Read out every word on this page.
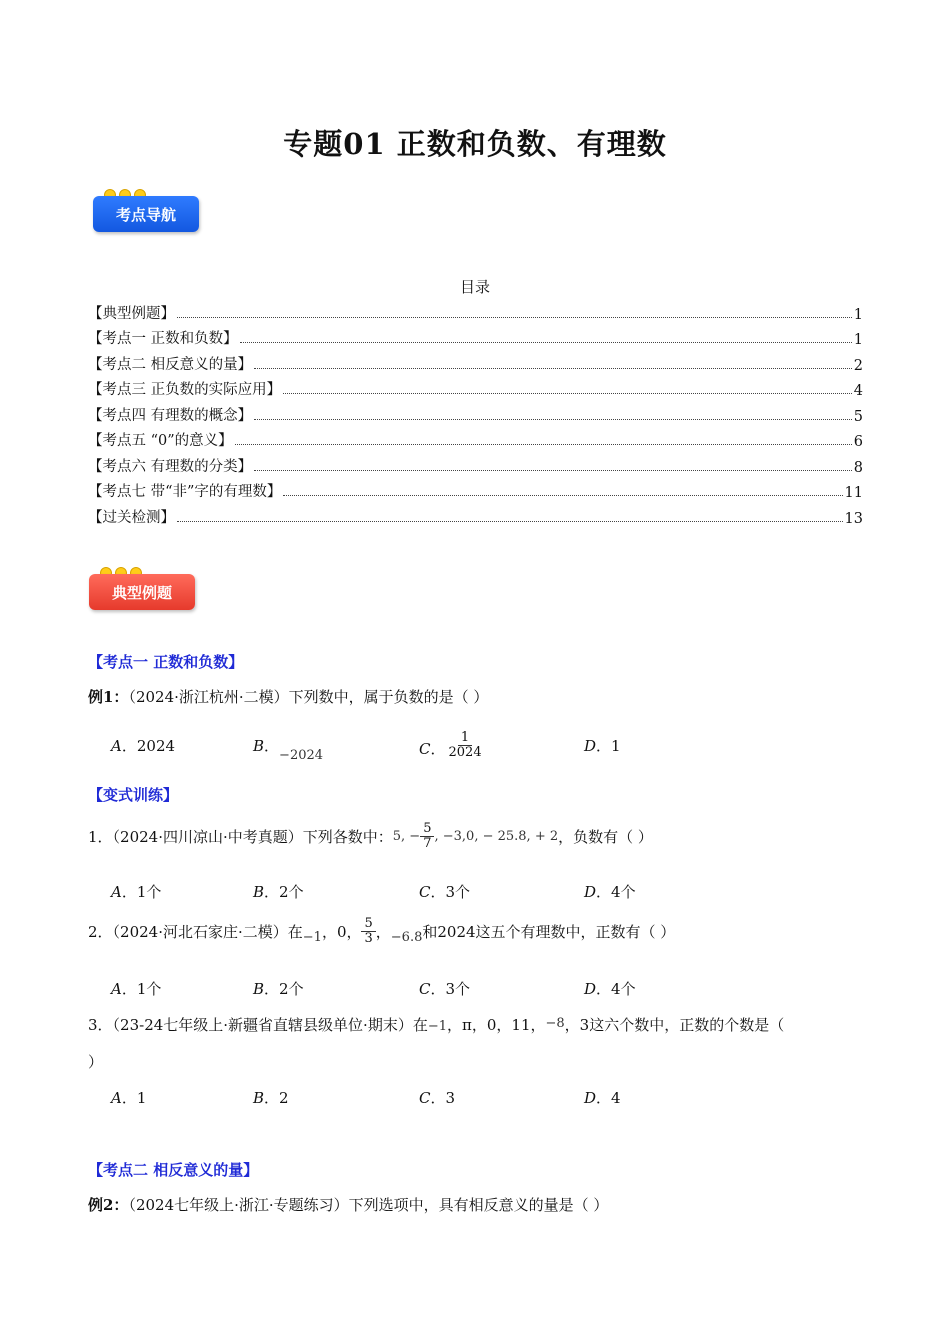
专题01 正数和负数、有理数
考点导航
目录
【典型例题】	1
【考点一 正数和负数】	1
【考点二 相反意义的量】	2
【考点三 正负数的实际应用】	4
【考点四 有理数的概念】	5
【考点五 “0”的意义】	6
【考点六 有理数的分类】	8
【考点七 带“非”字的有理数】	11
【过关检测】	13
典型例题
【考点一 正数和负数】
例1：（2024·浙江杭州·二模）下列数中，属于负数的是（ ）
A．2024	B．−2024	C． $\frac{1}{2024}$	D．1
【变式训练】
1．（2024·四川凉山·中考真题）下列各数中： 5, − $\frac{5}{7}$ , −3,0, − 25.8, + 2 ，负数有（ ）
A．1个	B．2个	C．3个	D．4个
2．（2024·河北石家庄·二模）在 −1 ，0， $\frac{5}{3}$ ， −6.8 和2024这五个有理数中，正数有（ ）
A．1个	B．2个	C．3个	D．4个
3．（23-24七年级上·新疆省直辖县级单位·期末）在−1，π，0，11，−8，3这六个数中，正数的个数是（
）
A．1	B．2	C．3	D．4
【考点二 相反意义的量】
例2：（2024七年级上·浙江·专题练习）下列选项中，具有相反意义的量是（ ）
